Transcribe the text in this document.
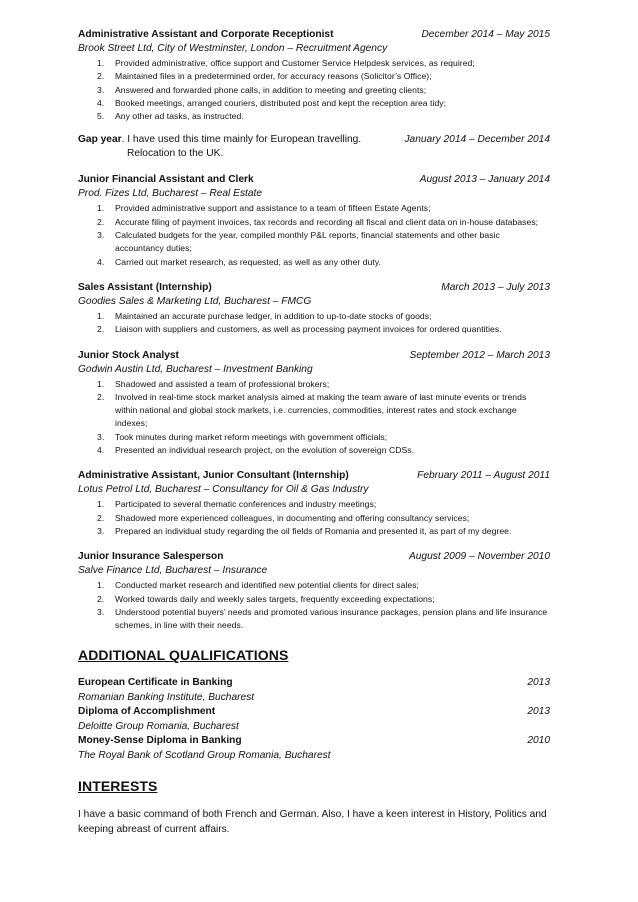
Administrative Assistant and Corporate Receptionist	December 2014 – May 2015
Brook Street Ltd, City of Westminster, London – Recruitment Agency
1. Provided administrative, office support and Customer Service Helpdesk services, as required;
2. Maintained files in a predetermined order, for accuracy reasons (Solicitor’s Office);
3. Answered and forwarded phone calls, in addition to meeting and greeting clients;
4. Booked meetings, arranged couriers, distributed post and kept the reception area tidy;
5. Any other ad tasks, as instructed.
Gap year. I have used this time mainly for European travelling.	January 2014 – December 2014
Relocation to the UK.
Junior Financial Assistant and Clerk	August 2013 – January 2014
Prod. Fizes Ltd, Bucharest – Real Estate
1. Provided administrative support and assistance to a team of fifteen Estate Agents;
2. Accurate filing of payment invoices, tax records and recording all fiscal and client data on in-house databases;
3. Calculated budgets for the year, compiled monthly P&L reports, financial statements and other basic accountancy duties;
4. Carried out market research, as requested, as well as any other duty.
Sales Assistant (Internship)	March 2013 – July 2013
Goodies Sales & Marketing Ltd, Bucharest – FMCG
1. Maintained an accurate purchase ledger, in addition to up-to-date stocks of goods;
2. Liaison with suppliers and customers, as well as processing payment invoices for ordered quantities.
Junior Stock Analyst	September 2012 – March 2013
Godwin Austin Ltd, Bucharest – Investment Banking
1. Shadowed and assisted a team of professional brokers;
2. Involved in real-time stock market analysis aimed at making the team aware of last minute events or trends within national and global stock markets, i.e. currencies, commodities, interest rates and stock exchange indexes;
3. Took minutes during market reform meetings with government officials;
4. Presented an individual research project, on the evolution of sovereign CDSs.
Administrative Assistant, Junior Consultant (Internship)	February 2011 – August 2011
Lotus Petrol Ltd, Bucharest – Consultancy for Oil & Gas Industry
1. Participated to several thematic conferences and industry meetings;
2. Shadowed more experienced colleagues, in documenting and offering consultancy services;
3. Prepared an individual study regarding the oil fields of Romania and presented it, as part of my degree.
Junior Insurance Salesperson	August 2009 – November 2010
Salve Finance Ltd, Bucharest – Insurance
1. Conducted market research and identified new potential clients for direct sales;
2. Worked towards daily and weekly sales targets, frequently exceeding expectations;
3. Understood potential buyers’ needs and promoted various insurance packages, pension plans and life insurance schemes, in line with their needs.
ADDITIONAL QUALIFICATIONS
European Certificate in Banking	2013
Romanian Banking Institute, Bucharest
Diploma of Accomplishment	2013
Deloitte Group Romania, Bucharest
Money-Sense Diploma in Banking	2010
The Royal Bank of Scotland Group Romania, Bucharest
INTERESTS
I have a basic command of both French and German. Also, I have a keen interest in History, Politics and keeping abreast of current affairs.
